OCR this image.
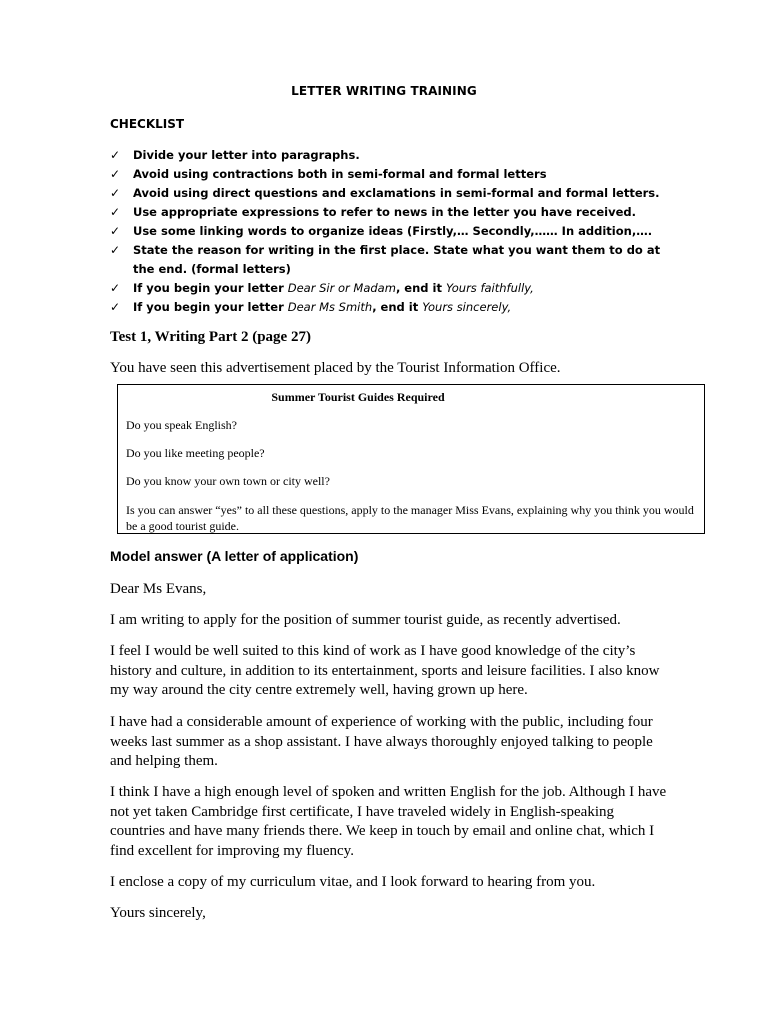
LETTER WRITING TRAINING
CHECKLIST
✓ Divide your letter into paragraphs.
✓ Avoid using contractions both in semi-formal and formal letters
✓ Avoid using direct questions and exclamations in semi-formal and formal letters.
✓ Use appropriate expressions to refer to news in the letter you have received.
✓ Use some linking words to organize ideas (Firstly,… Secondly,…… In addition,….
✓ State the reason for writing in the first place. State what you want them to do at the end. (formal letters)
✓ If you begin your letter Dear Sir or Madam, end it Yours faithfully,
✓ If you begin your letter Dear Ms Smith, end it Yours sincerely,
Test 1, Writing Part 2 (page 27)
You have seen this advertisement placed by the Tourist Information Office.
Summer Tourist Guides Required
Do you speak English?
Do you like meeting people?
Do you know your own town or city well?
Is you can answer “yes” to all these questions, apply to the manager Miss Evans, explaining why you think you would be a good tourist guide.
Model answer (A letter of application)
Dear Ms Evans,
I am writing to apply for the position of summer tourist guide, as recently advertised.
I feel I would be well suited to this kind of work as I have good knowledge of the city’s history and culture, in addition to its entertainment, sports and leisure facilities. I also know my way around the city centre extremely well, having grown up here.
I have had a considerable amount of experience of working with the public, including four weeks last summer as a shop assistant. I have always thoroughly enjoyed talking to people and helping them.
I think I have a high enough level of spoken and written English for the job. Although I have not yet taken Cambridge first certificate, I have traveled widely in English-speaking countries and have many friends there. We keep in touch by email and online chat, which I find excellent for improving my fluency.
I enclose a copy of my curriculum vitae, and I look forward to hearing from you.
Yours sincerely,
